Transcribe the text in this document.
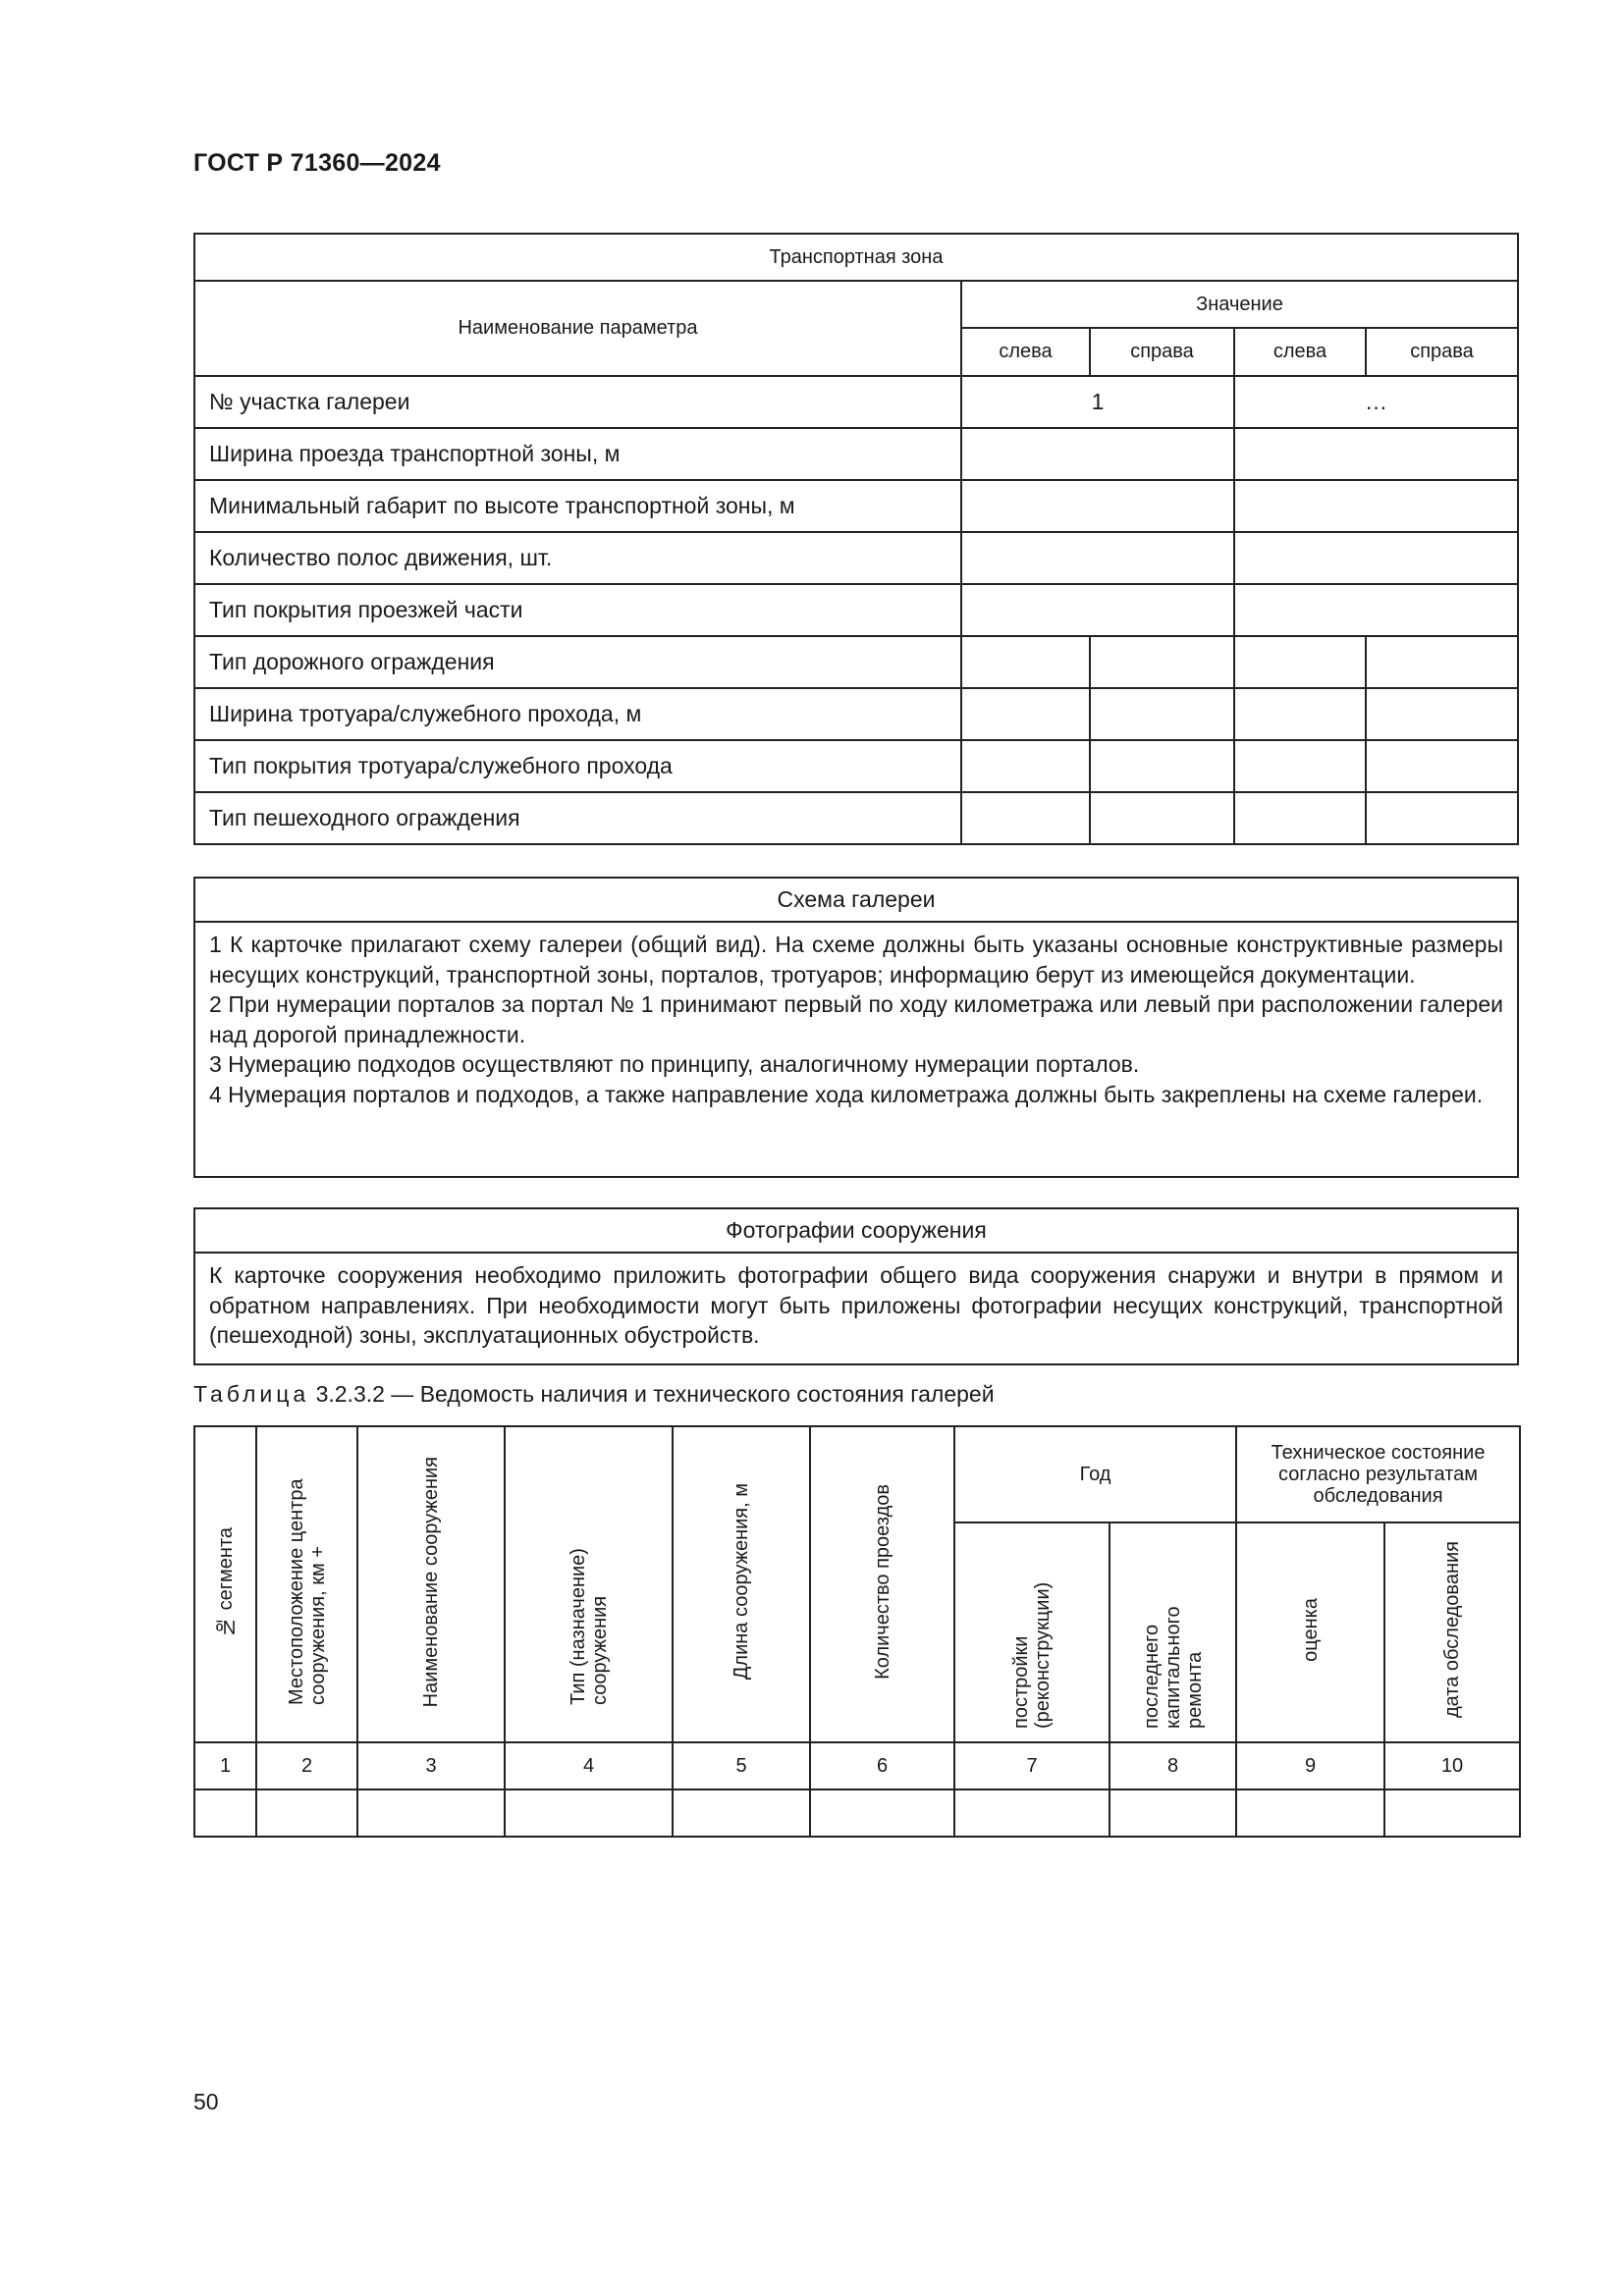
ГОСТ Р 71360—2024
Транспортная зона				
Наименование параметра	Значение			
	слева	справа	слева	справа
№ участка галереи	1		…	
Ширина проезда транспортной зоны, м				
Минимальный габарит по высоте транспортной зоны, м				
Количество полос движения, шт.				
Тип покрытия проезжей части				
Тип дорожного ограждения				
Ширина тротуара/служебного прохода, м				
Тип покрытия тротуара/служебного прохода				
Тип пешеходного ограждения				
Схема галереи

1 К карточке прилагают схему галереи (общий вид). На схеме должны быть указаны основные конструктивные размеры несущих конструкций, транспортной зоны, порталов, тротуаров; информацию берут из имеющейся документации.

2 При нумерации порталов за портал № 1 принимают первый по ходу километража или левый при расположении галереи над дорогой принадлежности.

3 Нумерацию подходов осуществляют по принципу, аналогичному нумерации порталов.

4 Нумерация порталов и подходов, а также направление хода километража должны быть закреплены на схеме галереи.

Фотографии сооружения

К карточке сооружения необходимо приложить фотографии общего вида сооружения снаружи и внутри в прямом и обратном направлениях. При необходимости могут быть приложены фотографии несущих конструкций, транспортной (пешеходной) зоны, эксплуатационных обустройств.

Таблица 3.2.3.2 — Ведомость наличия и технического состояния галерей
№ сегмента	Местоположение центра сооружения, км +	Наименование сооружения	Тип (назначение) сооружения	Длина сооружения, м	Количество проездов	Год		Техническое состояние согласно результатам обследования	

						постройки (реконструкции)	последнего капитального ремонта	оценка	дата обследования
1	2	3	4	5	6	7	8	9	10

50
